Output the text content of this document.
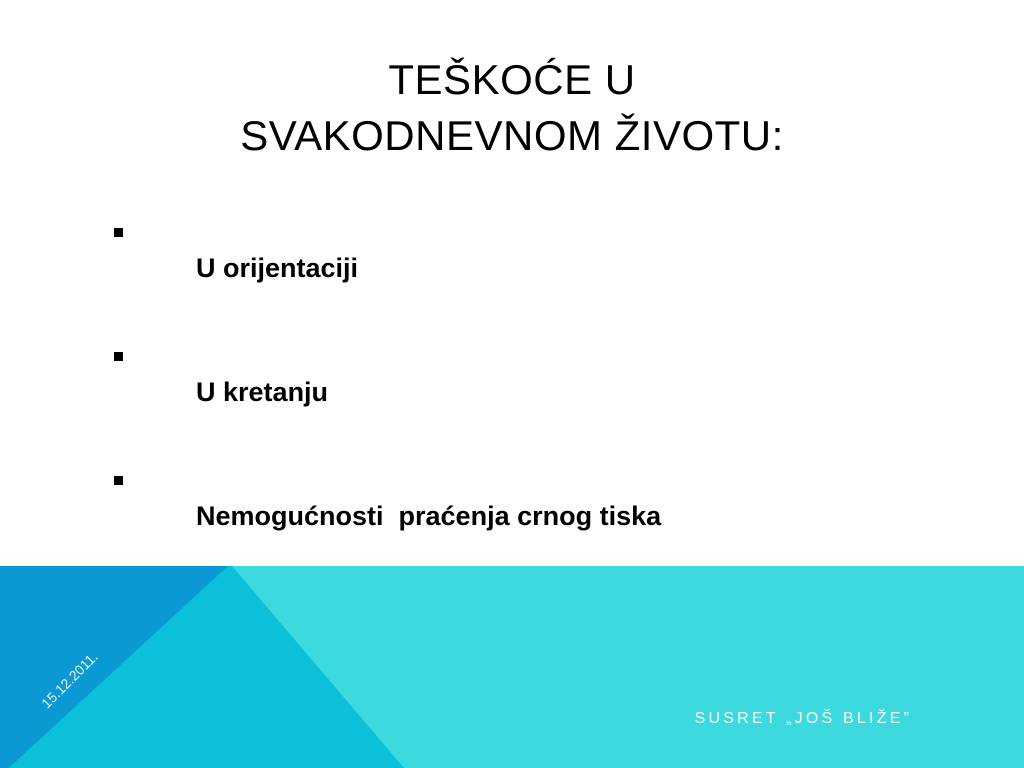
TEŠKOĆE U
SVAKODNEVNOM ŽIVOTU:

U orijentaciji

U kretanju

Nemogućnosti  praćenja crnog tiska

15.12.2011.
SUSRET „JOŠ BLIŽE”
